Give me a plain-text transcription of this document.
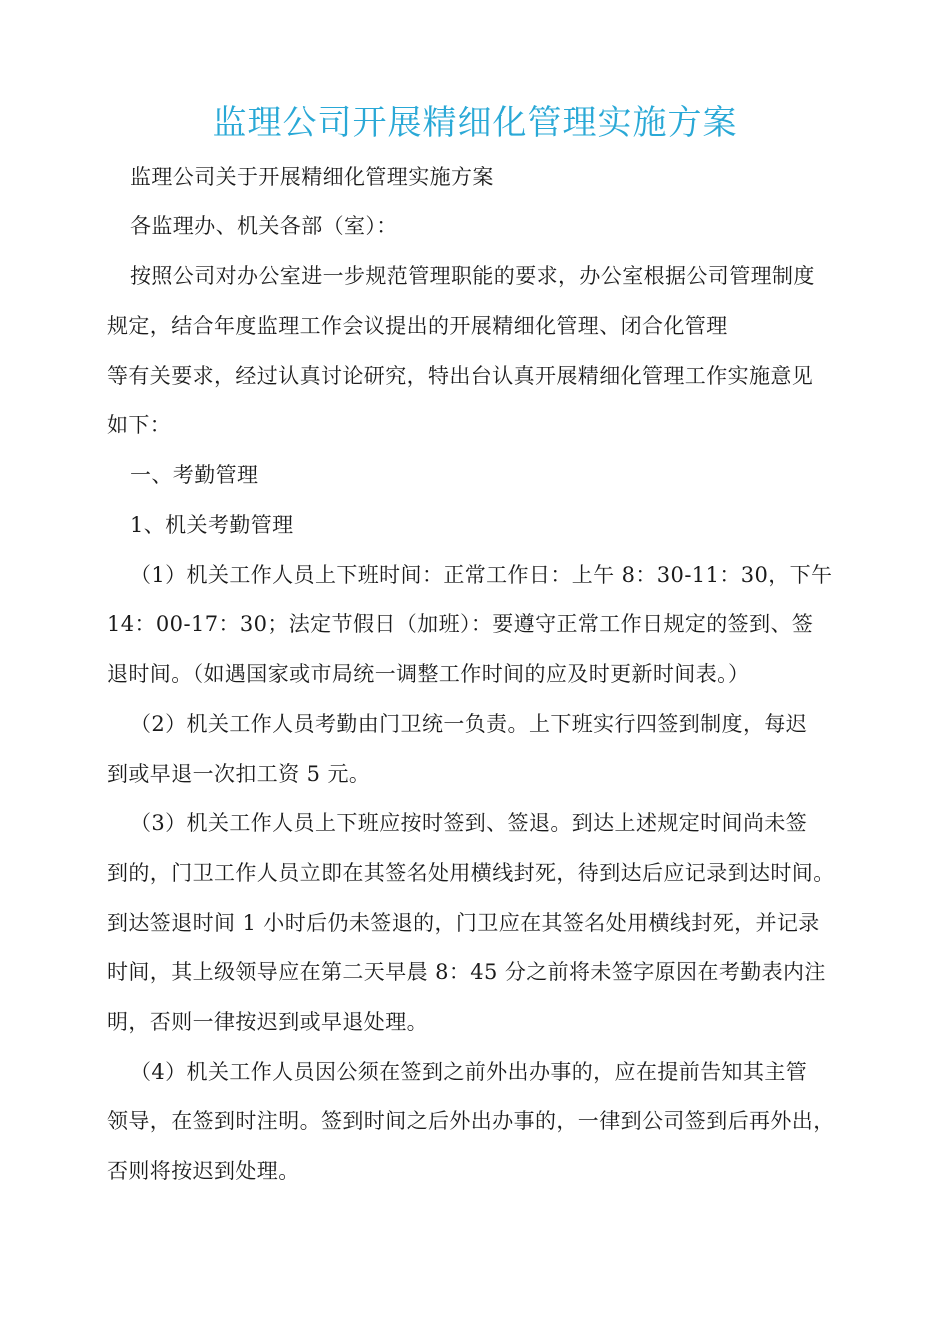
监理公司开展精细化管理实施方案
监理公司关于开展精细化管理实施方案
各监理办、机关各部（室）：
按照公司对办公室进一步规范管理职能的要求，办公室根据公司管理制度
规定，结合年度监理工作会议提出的开展精细化管理、闭合化管理
等有关要求，经过认真讨论研究，特出台认真开展精细化管理工作实施意见
如下：
一、考勤管理
1、机关考勤管理
（1）机关工作人员上下班时间：正常工作日：上午 8：30-11：30，下午
14：00-17：30；法定节假日（加班）：要遵守正常工作日规定的签到、签
退时间。（如遇国家或市局统一调整工作时间的应及时更新时间表。）
（2）机关工作人员考勤由门卫统一负责。上下班实行四签到制度，每迟
到或早退一次扣工资 5 元。
（3）机关工作人员上下班应按时签到、签退。到达上述规定时间尚未签
到的，门卫工作人员立即在其签名处用横线封死，待到达后应记录到达时间。
到达签退时间 1 小时后仍未签退的，门卫应在其签名处用横线封死，并记录
时间，其上级领导应在第二天早晨 8：45 分之前将未签字原因在考勤表内注
明，否则一律按迟到或早退处理。
（4）机关工作人员因公须在签到之前外出办事的，应在提前告知其主管
领导，在签到时注明。签到时间之后外出办事的，一律到公司签到后再外出，
否则将按迟到处理。
